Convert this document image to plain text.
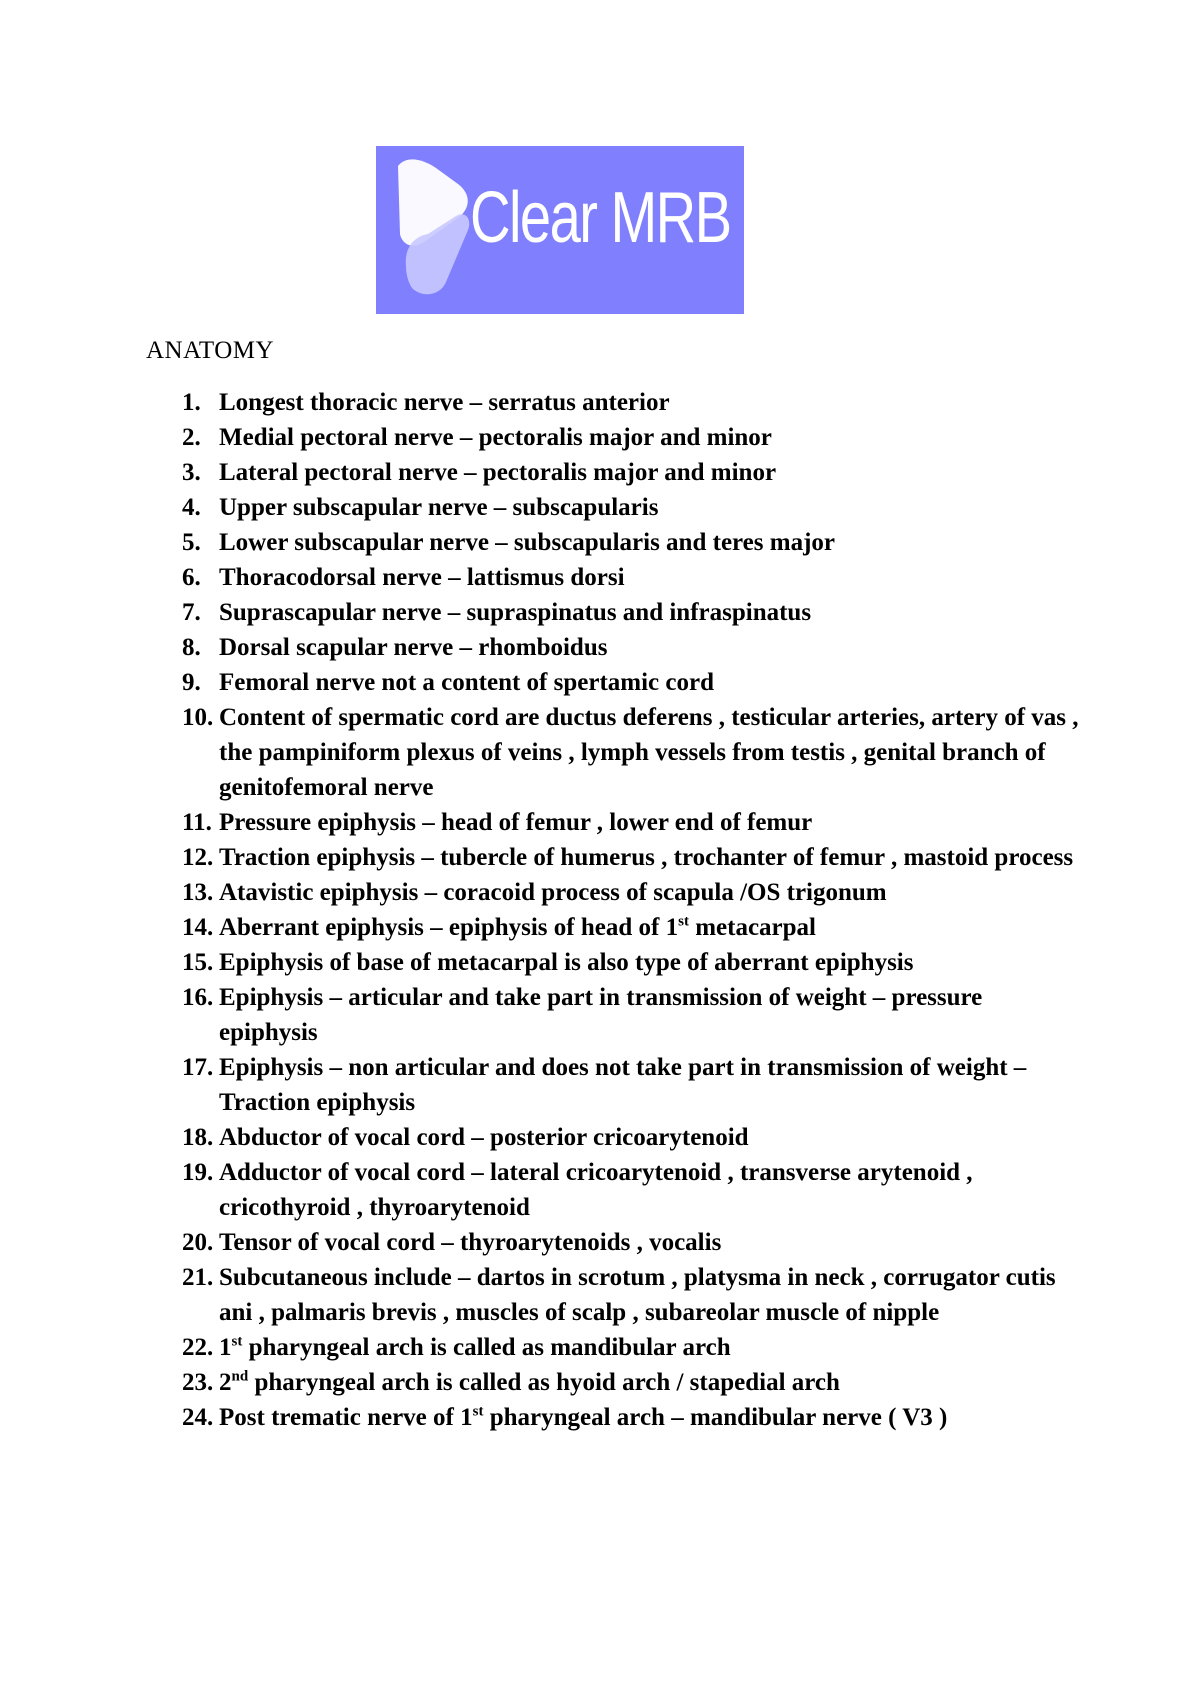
Clear MRB
ANATOMY
1. Longest thoracic nerve – serratus anterior
2. Medial pectoral nerve – pectoralis major and minor
3. Lateral pectoral nerve – pectoralis major and minor
4. Upper subscapular nerve – subscapularis
5. Lower subscapular nerve – subscapularis and teres major
6. Thoracodorsal nerve – lattismus dorsi
7. Suprascapular nerve – supraspinatus and infraspinatus
8. Dorsal scapular nerve – rhomboidus
9. Femoral nerve not a content of spertamic cord
10. Content of spermatic cord are ductus deferens , testicular arteries, artery of vas , the pampiniform plexus of veins , lymph vessels from testis , genital branch of genitofemoral nerve
11. Pressure epiphysis – head of femur , lower end of femur
12. Traction epiphysis – tubercle of humerus , trochanter of femur , mastoid process
13. Atavistic epiphysis – coracoid process of scapula /OS trigonum
14. Aberrant epiphysis – epiphysis of head of 1st metacarpal
15. Epiphysis of base of metacarpal is also type of aberrant epiphysis
16. Epiphysis – articular and take part in transmission of weight – pressure epiphysis
17. Epiphysis – non articular and does not take part in transmission of weight – Traction epiphysis
18. Abductor of vocal cord – posterior cricoarytenoid
19. Adductor of vocal cord – lateral cricoarytenoid , transverse arytenoid , cricothyroid , thyroarytenoid
20. Tensor of vocal cord – thyroarytenoids , vocalis
21. Subcutaneous include – dartos in scrotum , platysma in neck , corrugator cutis ani , palmaris brevis , muscles of scalp , subareolar muscle of nipple
22. 1st pharyngeal arch is called as mandibular arch
23. 2nd pharyngeal arch is called as hyoid arch / stapedial arch
24. Post trematic nerve of 1st pharyngeal arch – mandibular nerve ( V3 )
